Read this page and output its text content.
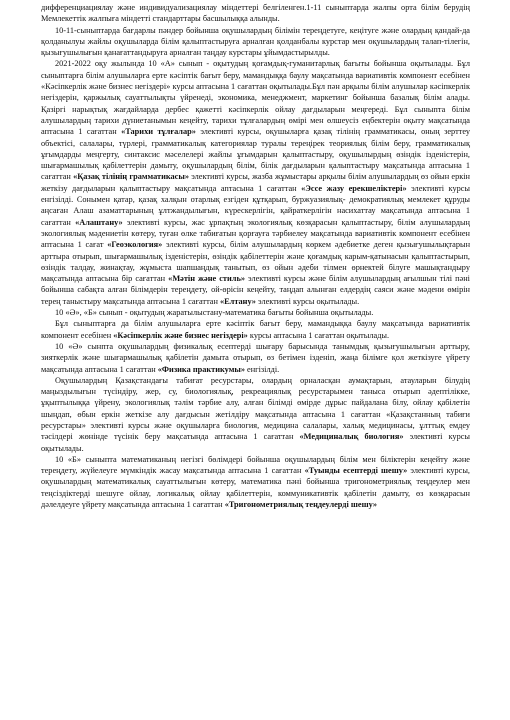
дифференциациялау және индивидуализациялау міндеттері белгіленген.1-11 сыныптарда жалпы орта білім берудің Мемлекеттік жалпыға міндетті стандарттары басшылыққа алынды.

10-11-сыныптарда бағдарлы пәндер бойынша оқушылардың білімін тереңдетуге, кеңітуге және олардың қандай-да қолданылуы жайлы оқушыларда білім қалыптастыруға арналған қолданбалы курстар мен оқушылардың талап-тілегін, қызығушылығын қанағаттандыруға арналған таңдау курстары ұйымдастырылды.

2021-2022 оқу жылында 10 «А» сынып - оқытудың қоғамдық-гуманитарлық бағыты бойынша оқытылады. Бұл сыныптарға білім алушыларға ерте кәсіптік бағыт беру, мамандыққа баулу мақсатында вариативтік компонент есебінен «Кәсіпкерлік және бизнес негіздері» курсы аптасына 1 сағаттан оқытылады.Бұл пән арқылы білім алушылар кәсіпкерлік негіздерін, қаржылық сауаттылықты үйренеді, экономика, менеджмент, маркетинг бойынша базалық білім алады. Қазіргі нарықтық жағдайларда дербес қажетті кәсіпкерлік ойлау дағдыларын меңгереді. Бұл сыныпта білім алушылардың тарихи дүниетанымын кеңейту, тарихи тұлғалардың өмірі мен өлшеусіз еңбектерін оқыту мақсатында аптасына 1 сағаттан «Тарихи тұлғалар» элективті курсы, оқушыларға қазақ тілінің грамматикасы, оның зерттеу объектісі, салалары, түрлері, грамматикалық категориялар туралы тереңірек теориялық білім беру, грамматикалық ұғымдарды меңгерту, синтаксис мәселелері жайлы ұғымдарын қалыптастыру, оқушылырдың өзіндік ізденістерін, шығармашылық қабілеттерін дамыту, оқушылардың білім, білік дағдыларын қалыптастыру мақсатында аптасына 1 сағаттан «Қазақ тілінің грамматикасы» элективті курсы, жазба жұмыстары арқылы білім алушылардың өз ойын еркін жеткізу дағдыларын қалыптастыру мақсатында аптасына 1 сағаттан «Эссе жазу ерекшеліктері» элективті курсы енгізілді. Сонымен қатар, қазақ халқын отарлық езгіден құтқарып, буржуазиялық- демократиялық мемлекет құруды аңсаған Алаш азаматтарының ұлтжандылығын, күрескерлігін, қайраткерлігін насихаттау мақсатында аптасына 1 сағаттан «Алаштану» элективті курсы, жас ұрпақтың экологиялық көзқарасын қалыптастыру, білім алушылардың экологиялық мәдениетін көтеру, туған өлке табиғатын қорғауға тәрбиелеу мақсатында вариативтік компонент есебінен аптасына 1 сағат «Геоэкология» элективті курсы, білім алушылардың көркем әдебиетке деген қызығушылықтарын арттыра отырып, шығармашылық ізденістерін, өзіндік қабілеттерін және қоғамдық карым-қатынасын қалыптастырып, өзіндік талдау, жинақтау, жұмыста шапшаңдық танытып, өз ойын әдеби тілмен өрнектей білуге машықтандыру мақсатында аптасына бір сағаттан «Мәтін және стиль» элективті курсы және білім алушылардың ағылшын тілі пәні бойынша сабақта алған білімдерін тереңдету, ой-өрісін кеңейту, таңдап алынған елдердің саяси және мәдени өмірін терең таныстыру мақсатында аптасына 1 сағаттан «Елтану» элективті курсы оқытылады.

10 «Ә», «Б» сынып - оқытудың жаратылыстану-математика бағыты бойынша оқытылады.

Бұл сыныптарға да білім алушыларға ерте кәсіптік бағыт беру, мамандыққа баулу мақсатында вариативтік компонент есебінен «Кәсіпкерлік және бизнес негіздері» курсы аптасына 1 сағаттан оқытылады.

10 «Ә» сынпта оқушылардың физикалық есептерді шығару барысында танымдық қызығушылығын арттыру, зияткерлік және шығармашылық қабілетін дамыта отырып, өз бетімен ізденіп, жаңа білімге қол жеткізуге үйрету мақсатында аптасына 1 сағаттан «Физика практикумы» енгізілді.

Оқушылардың Қазақстандағы табиғат ресурстары, олардың орналасқан аумақтарын, атауларын білудің маңыздылығын түсіндіру, жер, су, биологиялық, рекреациялық ресурстарымен таныса отырып әдептілікке, ұқыптылыққа үйрену, экологиялық тәлім тәрбие алу, алған білімді өмірде дұрыс пайдалана білу, ойлау қабілетін шыңдап, өбын еркін жеткізе алу дағдысын жетілдіру мақсатында аптасына 1 сағаттан «Қазақстанның табиғи ресурстары» элективті курсы және оқушыларға биология, медицина салалары, халық медицинасы, ұлттық емдеу тәсілдері жөнінде түсінік беру мақсатында аптасына 1 сағаттан «Медициналық биология» элективті курсы оқытылады.

10 «Б» сыныпта математиканың негізгі бөлімдері бойынша оқушылардың білім мен біліктерін кеңейту және тереңдету, жүйелеуге мүмкіндік жасау мақсатында аптасына 1 сағаттан «Туынды есептерді шешу» элективті курсы, оқушылардың математикалық сауаттылығын көтеру, математика пәні бойынша тригонометриялық теңдеулер мен теңсіздіктерді шешуге ойлау, логикалық ойлау қабілеттерін, коммуникативтік қабілетін дамыту, өз көзқарасын дәлелдеуге үйрету мақсатында аптасына 1 сағаттан «Тригонометриялық теңдеулерді шешу»
